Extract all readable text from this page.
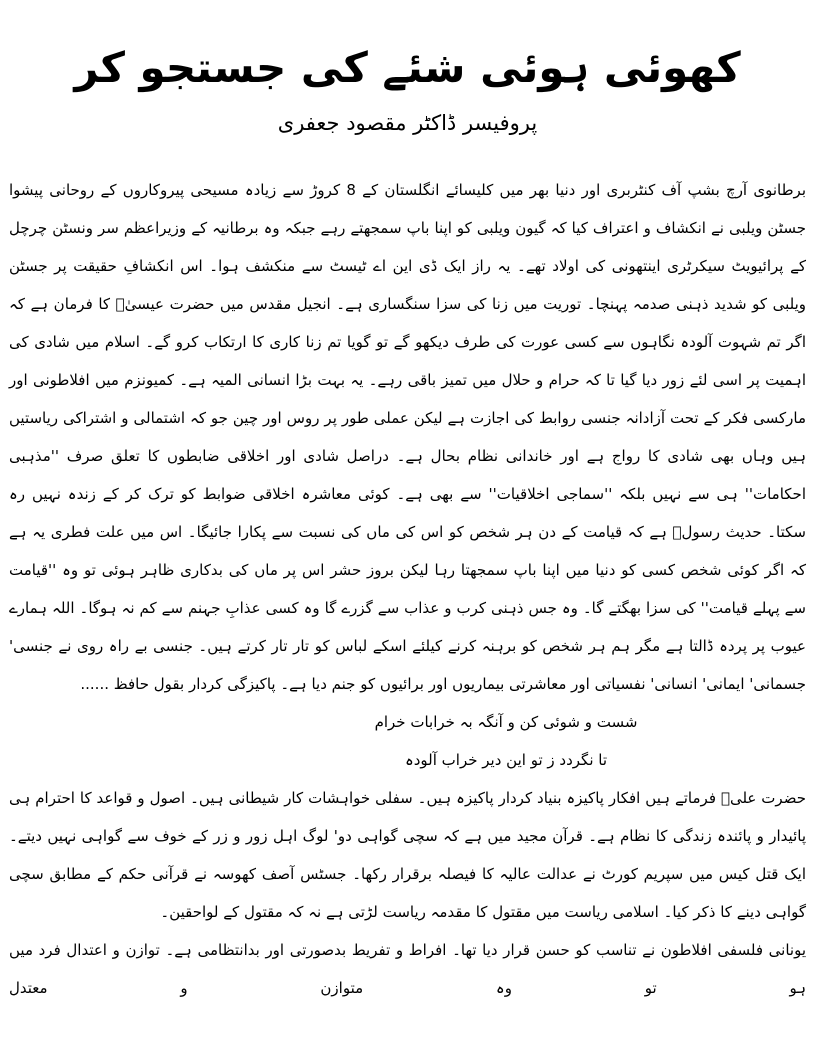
کھوئی ہوئی شئے کی جستجو کر
پروفیسر ڈاکٹر مقصود جعفری

برطانوی آرچ بشپ آف کنٹربری اور دنیا بھر میں کلیسائے انگلستان کے 8 کروڑ سے زیادہ مسیحی پیروکاروں کے روحانی پیشوا جسٹن ویلبی نے انکشاف و اعتراف کیا کہ گیون ویلبی کو اپنا باپ سمجھتے رہے جبکہ وہ برطانیہ کے وزیراعظم سر ونسٹن چرچل کے پرائیویٹ سیکرٹری اینتھونی کی اولاد تھے۔ یہ راز ایک ڈی این اے ٹیسٹ سے منکشف ہوا۔ اس انکشافِ حقیقت پر جسٹن ویلبی کو شدید ذہنی صدمہ پہنچا۔ توریت میں زنا کی سزا سنگساری ہے۔ انجیل مقدس میں حضرت عیسیٰؑ کا فرمان ہے کہ اگر تم شہوت آلودہ نگاہوں سے کسی عورت کی طرف دیکھو گے تو گویا تم زنا کاری کا ارتکاب کرو گے۔ اسلام میں شادی کی اہمیت پر اسی لئے زور دیا گیا تا کہ حرام و حلال میں تمیز باقی رہے۔ یہ بہت بڑا انسانی المیہ ہے۔ کمیونزم میں افلاطونی اور مارکسی فکر کے تحت آزادانہ جنسی روابط کی اجازت ہے لیکن عملی طور پر روس اور چین جو کہ اشتمالی و اشتراکی ریاستیں ہیں وہاں بھی شادی کا رواج ہے اور خاندانی نظام بحال ہے۔ دراصل شادی اور اخلاقی ضابطوں کا تعلق صرف ''مذہبی احکامات'' ہی سے نہیں بلکہ ''سماجی اخلاقیات'' سے بھی ہے۔ کوئی معاشرہ اخلاقی ضوابط کو ترک کر کے زندہ نہیں رہ سکتا۔ حدیث رسولؐ ہے کہ قیامت کے دن ہر شخص کو اس کی ماں کی نسبت سے پکارا جائیگا۔ اس میں علت فطری یہ ہے کہ اگر کوئی شخص کسی کو دنیا میں اپنا باپ سمجھتا رہا لیکن بروز حشر اس پر ماں کی بدکاری ظاہر ہوئی تو وہ ''قیامت سے پہلے قیامت'' کی سزا بھگتے گا۔ وہ جس ذہنی کرب و عذاب سے گزرے گا وہ کسی عذابِ جہنم سے کم نہ ہوگا۔ اللہ ہمارے عیوب پر پردہ ڈالتا ہے مگر ہم ہر شخص کو برہنہ کرنے کیلئے اسکے لباس کو تار تار کرتے ہیں۔ جنسی بے راہ روی نے جنسی' جسمانی' ایمانی' انسانی' نفسیاتی اور معاشرتی بیماریوں اور برائیوں کو جنم دیا ہے۔ پاکیزگی کردار بقول حافظ ......

شست و شوئی کن و آنگہ بہ خرابات خرام
تا نگردد ز تو این دیر خراب آلودہ

حضرت علیؑ فرماتے ہیں افکار پاکیزہ بنیاد کردار پاکیزہ ہیں۔ سفلی خواہشات کار شیطانی ہیں۔ اصول و قواعد کا احترام ہی پائیدار و پائندہ زندگی کا نظام ہے۔ قرآن مجید میں ہے کہ سچی گواہی دو' لوگ اہل زور و زر کے خوف سے گواہی نہیں دیتے۔ ایک قتل کیس میں سپریم کورٹ نے عدالت عالیہ کا فیصلہ برقرار رکھا۔ جسٹس آصف کھوسہ نے قرآنی حکم کے مطابق سچی گواہی دینے کا ذکر کیا۔ اسلامی ریاست میں مقتول کا مقدمہ ریاست لڑتی ہے نہ کہ مقتول کے لواحقین۔

یونانی فلسفی افلاطون نے تناسب کو حسن قرار دیا تھا۔ افراط و تفریط بدصورتی اور بدانتظامی ہے۔ توازن و اعتدال فرد میں ہو تو وہ متوازن و معتدل
